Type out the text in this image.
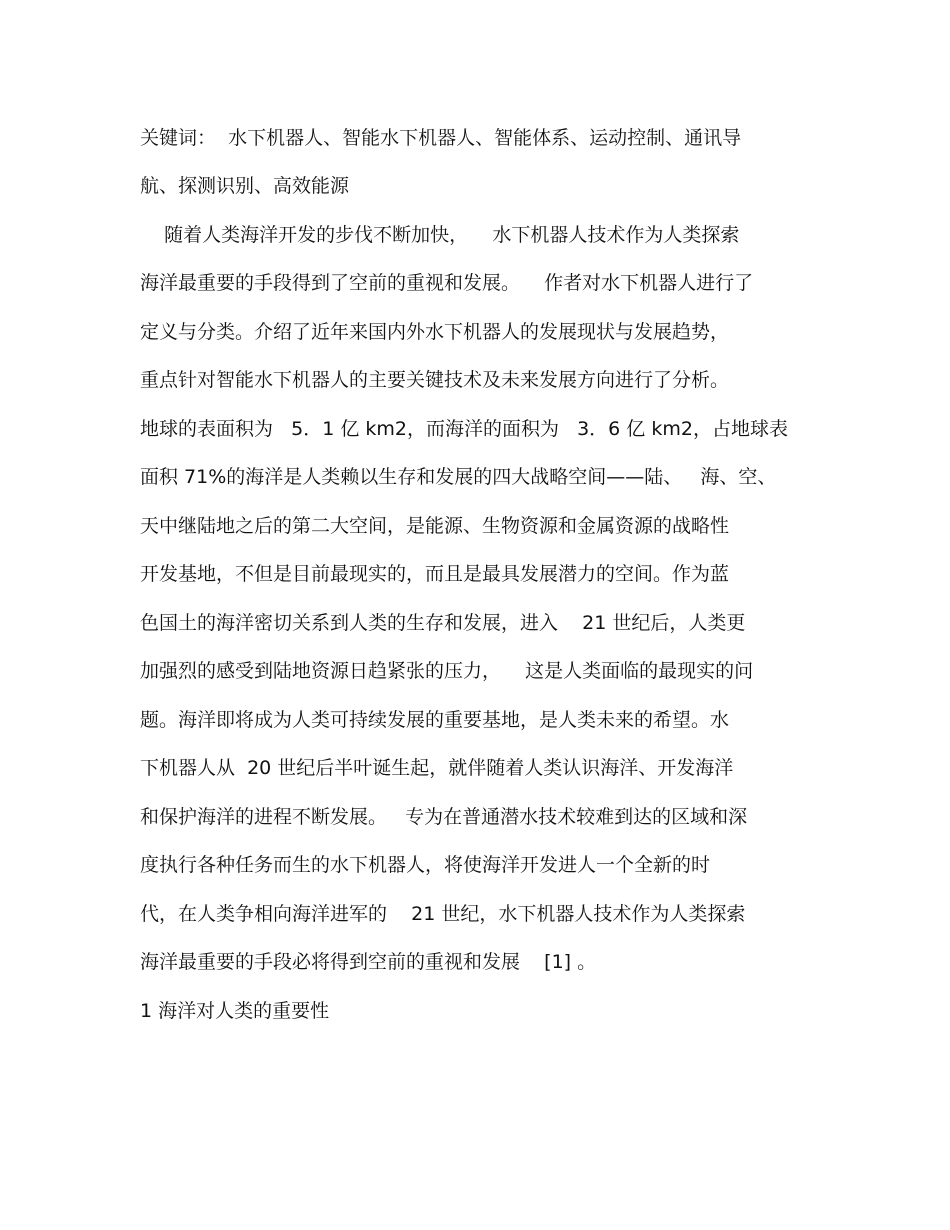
关键词：  水下机器人、智能水下机器人、智能体系、运动控制、通讯导
航、探测识别、高效能源
随着人类海洋开发的步伐不断加快，    水下机器人技术作为人类探索
海洋最重要的手段得到了空前的重视和发展。    作者对水下机器人进行了
定义与分类。介绍了近年来国内外水下机器人的发展现状与发展趋势，
重点针对智能水下机器人的主要关键技术及未来发展方向进行了分析。
地球的表面积为   5．1 亿 km2，而海洋的面积为   3．6 亿 km2，占地球表
面积 71%的海洋是人类赖以生存和发展的四大战略空间——陆、   海、空、
天中继陆地之后的第二大空间，是能源、生物资源和金属资源的战略性
开发基地，不但是目前最现实的，而且是最具发展潜力的空间。作为蓝
色国土的海洋密切关系到人类的生存和发展，进入    21 世纪后，人类更
加强烈的感受到陆地资源日趋紧张的压力，    这是人类面临的最现实的问
题。海洋即将成为人类可持续发展的重要基地，是人类未来的希望。水
下机器人从  20 世纪后半叶诞生起，就伴随着人类认识海洋、开发海洋
和保护海洋的进程不断发展。   专为在普通潜水技术较难到达的区域和深
度执行各种任务而生的水下机器人，将使海洋开发进人一个全新的时
代，在人类争相向海洋进军的    21 世纪，水下机器人技术作为人类探索
海洋最重要的手段必将得到空前的重视和发展    [1] 。
1 海洋对人类的重要性
